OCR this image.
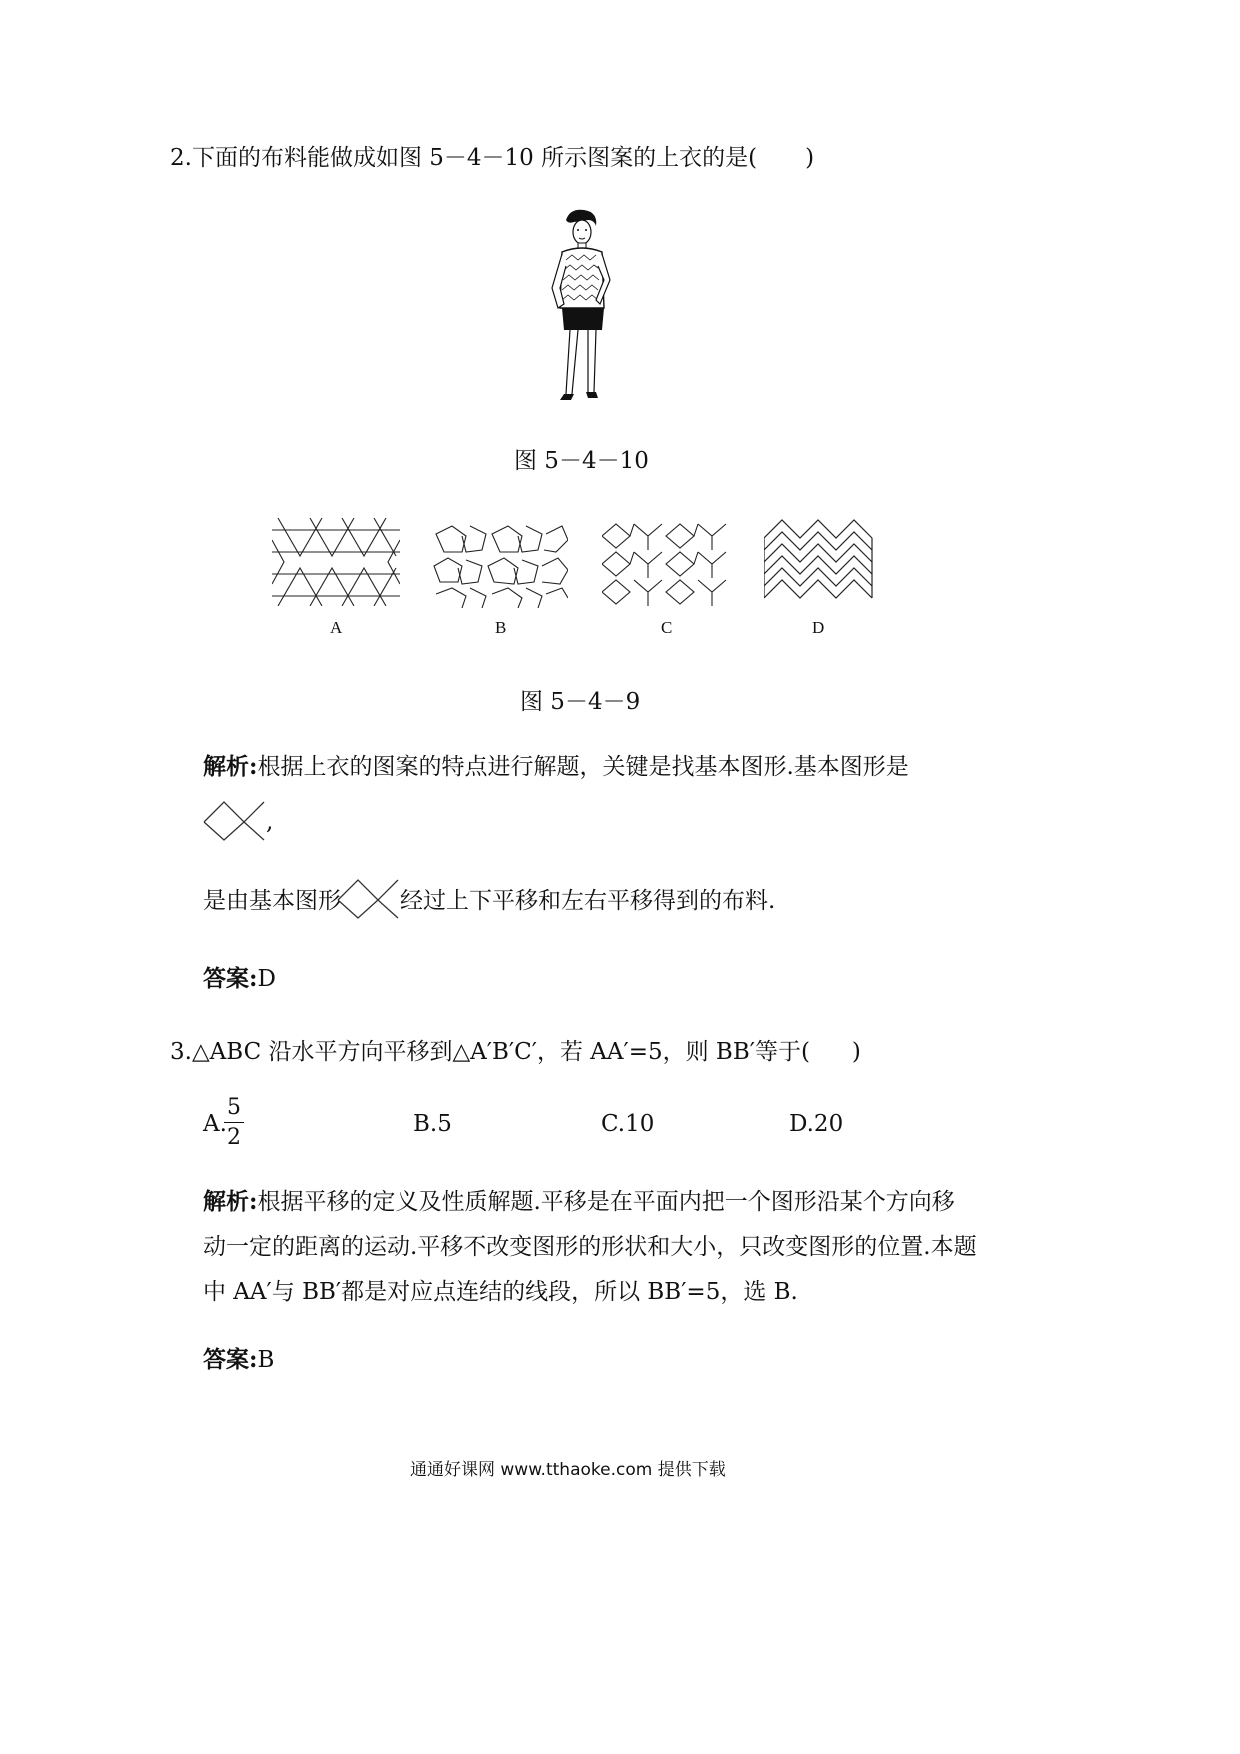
2.下面的布料能做成如图 5－4－10 所示图案的上衣的是( )
图 5－4－10
A	B	C	D
图 5－4－9
解析:根据上衣的图案的特点进行解题，关键是找基本图形.基本图形是
,
是由基本图形	经过上下平移和左右平移得到的布料.
答案:D
3.△ABC 沿水平方向平移到△A′B′C′，若 AA′=5，则 BB′等于( )
A.
5
2
B.5	C.10	D.20
解析:根据平移的定义及性质解题.平移是在平面内把一个图形沿某个方向移
动一定的距离的运动.平移不改变图形的形状和大小，只改变图形的位置.本题
中 AA′与 BB′都是对应点连结的线段，所以 BB′=5，选 B.
答案:B
通通好课网 www.tthaoke.com 提供下载
